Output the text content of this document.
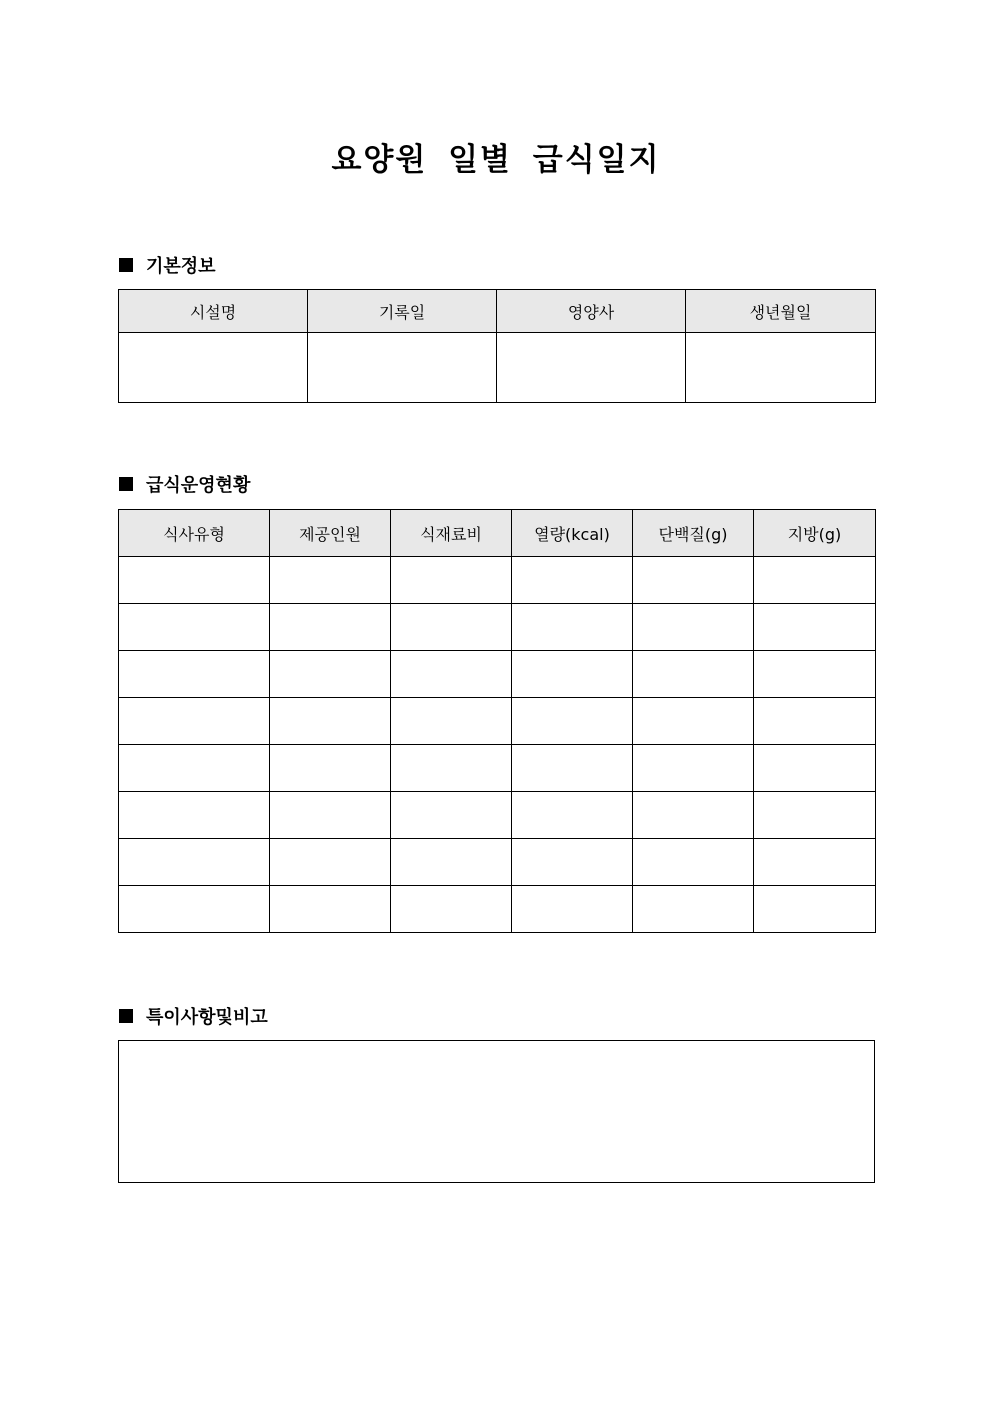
요양원 일별 급식일지
기본정보
시설명	기록일	영양사	생년월일

급식운영현황
식사유형	제공인원	식재료비	열량(kcal)	단백질(g)	지방(g)

특이사항및비고
